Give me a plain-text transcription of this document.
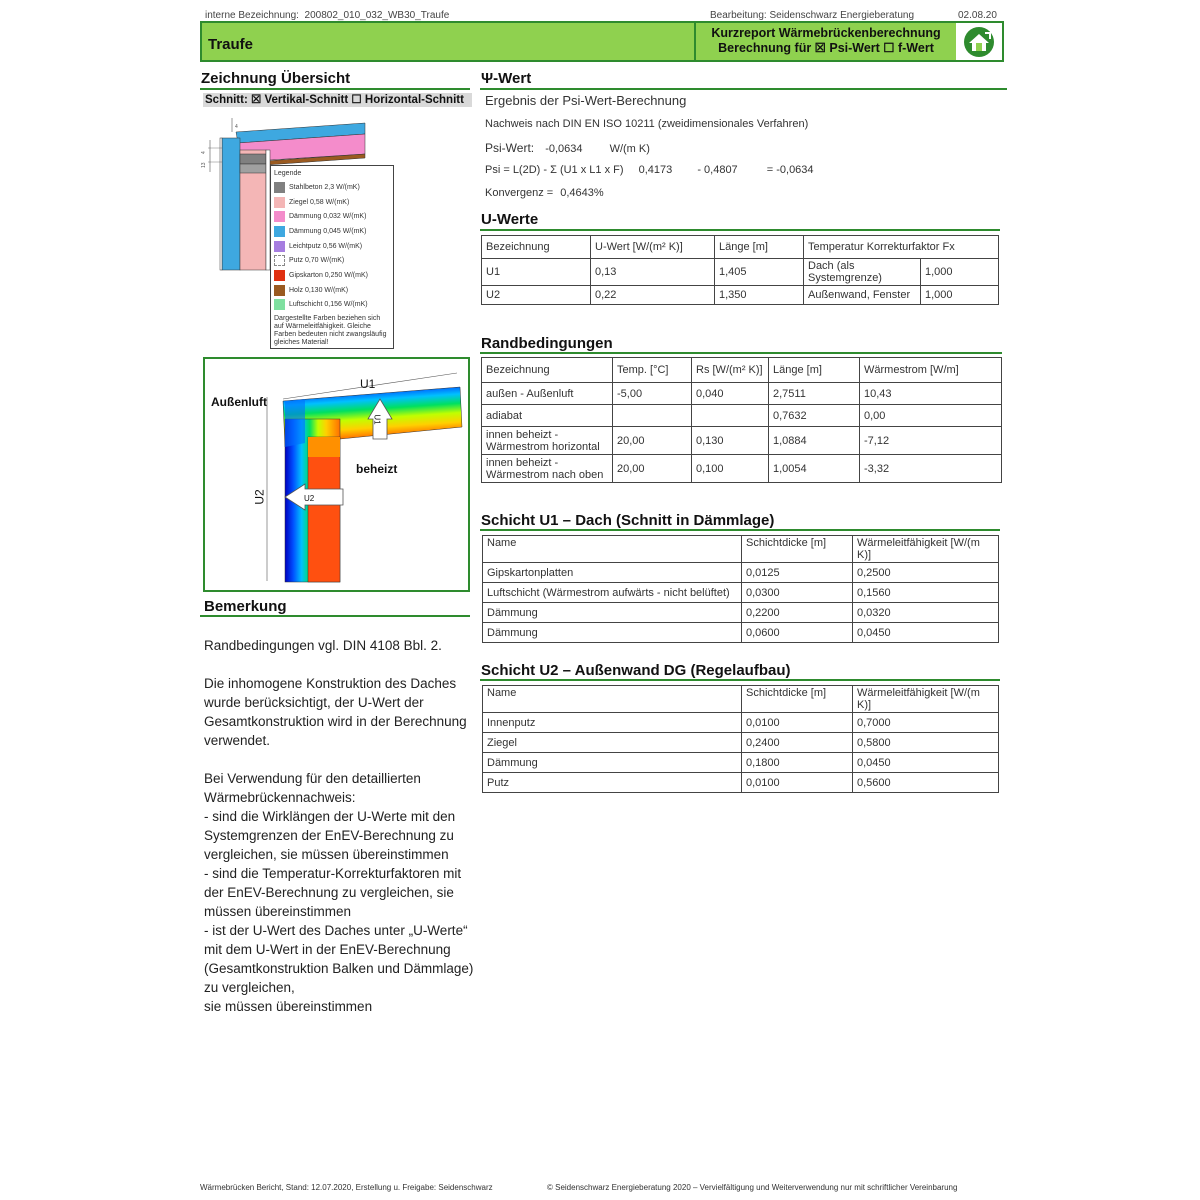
interne Bezeichnung: 200802_010_032_WB30_Traufe	Bearbeitung: Seidenschwarz Energieberatung	02.08.20
Traufe
Kurzreport Wärmebrückenberechnung
Berechnung für ☒ Psi-Wert ☐ f-Wert
Zeichnung Übersicht
Schnitt: ☒ Vertikal-Schnitt ☐ Horizontal-Schnitt
4
13
4
Legende
Stahlbeton 2,3 W/(mK)
Ziegel 0,58 W/(mK)
Dämmung 0,032 W/(mK)
Dämmung 0,045 W/(mK)
Leichtputz 0,56 W/(mK)
Putz 0,70 W/(mK)
Gipskarton 0,250 W/(mK)
Holz 0,130 W/(mK)
Luftschicht 0,156 W/(mK)
Dargestellte Farben beziehen sich auf Wärmeleitfähigkeit. Gleiche Farben bedeuten nicht zwangsläufig gleiches Material!
Außenluft
beheizt
U1
U2
U1
U2
Bemerkung
Randbedingungen vgl. DIN 4108 Bbl. 2.

Die inhomogene Konstruktion des Daches wurde berücksichtigt, der U-Wert der Gesamtkonstruktion wird in der Berechnung verwendet.

Bei Verwendung für den detaillierten Wärmebrückennachweis:
- sind die Wirklängen der U-Werte mit den Systemgrenzen der EnEV-Berechnung zu vergleichen, sie müssen übereinstimmen
- sind die Temperatur-Korrekturfaktoren mit der EnEV-Berechnung zu vergleichen, sie müssen übereinstimmen
- ist der U-Wert des Daches unter „U-Werte“ mit dem U-Wert in der EnEV-Berechnung (Gesamtkonstruktion Balken und Dämmlage) zu vergleichen,
sie müssen übereinstimmen
Ψ-Wert
Ergebnis der Psi-Wert-Berechnung
Nachweis nach DIN EN ISO 10211 (zweidimensionales Verfahren)
Psi-Wert: -0,0634 W/(m K)
Psi = L(2D) - Σ (U1 x L1 x F) 0,4173 - 0,4807	= -0,0634
Konvergenz = 0,4643%
U-Werte
Bezeichnung	U-Wert [W/(m² K)]	Länge [m]	Temperatur Korrekturfaktor Fx	
U1	0,13	1,405	Dach (als Systemgrenze)	1,000
U2	0,22	1,350	Außenwand, Fenster	1,000
Randbedingungen
Bezeichnung	Temp. [°C]	Rs [W/(m² K)]	Länge [m]	Wärmestrom [W/m]
außen - Außenluft	-5,00	0,040	2,7511	10,43
adiabat			0,7632	0,00
innen beheizt - Wärmestrom horizontal	20,00	0,130	1,0884	-7,12
innen beheizt - Wärmestrom nach oben	20,00	0,100	1,0054	-3,32
Schicht U1 – Dach (Schnitt in Dämmlage)
Name	Schichtdicke [m]	Wärmeleitfähigkeit [W/(m K)]
Gipskartonplatten	0,0125	0,2500
Luftschicht (Wärmestrom aufwärts - nicht belüftet)	0,0300	0,1560
Dämmung	0,2200	0,0320
Dämmung	0,0600	0,0450
Schicht U2 – Außenwand DG (Regelaufbau)
Name	Schichtdicke [m]	Wärmeleitfähigkeit [W/(m K)]
Innenputz	0,0100	0,7000
Ziegel	0,2400	0,5800
Dämmung	0,1800	0,0450
Putz	0,0100	0,5600
Wärmebrücken Bericht, Stand: 12.07.2020, Erstellung u. Freigabe: Seidenschwarz	© Seidenschwarz Energieberatung 2020 – Vervielfältigung und Weiterverwendung nur mit schriftlicher Vereinbarung
